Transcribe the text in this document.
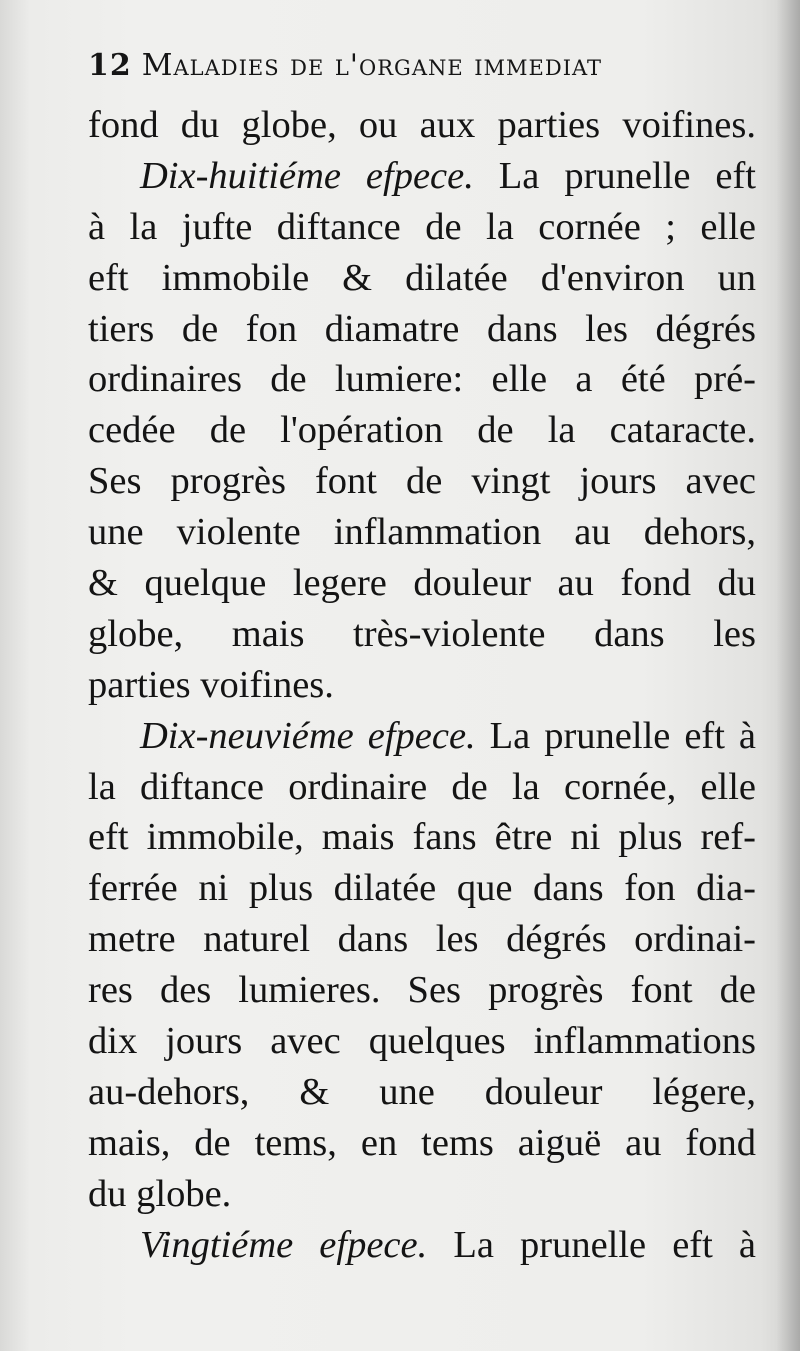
12 Maladies de l'organe immediat
fond du globe, ou aux parties voifines.
Dix-huitiéme efpece. La prunelle eft
à la jufte diftance de la cornée ; elle
eft immobile & dilatée d'environ un
tiers de fon diamatre dans les dégrés
ordinaires de lumiere: elle a été pré-
cedée de l'opération de la cataracte.
Ses progrès font de vingt jours avec
une violente inflammation au dehors,
& quelque legere douleur au fond du
globe, mais très-violente dans les
parties voifines.
Dix-neuviéme efpece. La prunelle eft à
la diftance ordinaire de la cornée, elle
eft immobile, mais fans être ni plus ref-
ferrée ni plus dilatée que dans fon dia-
metre naturel dans les dégrés ordinai-
res des lumieres. Ses progrès font de
dix jours avec quelques inflammations
au-dehors, & une douleur légere,
mais, de tems, en tems aiguë au fond
du globe.
Vingtiéme efpece. La prunelle eft à
